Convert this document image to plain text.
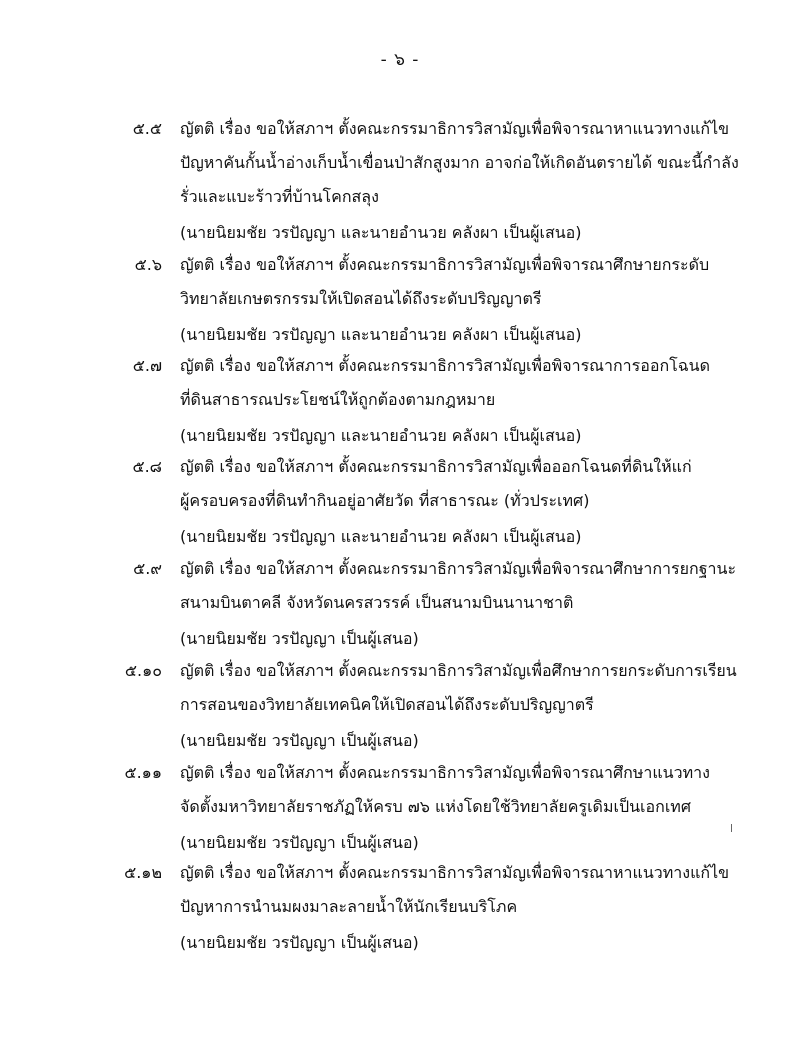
- ๖ -
๕.๕ ญัตติ เรื่อง ขอให้สภาฯ ตั้งคณะกรรมาธิการวิสามัญเพื่อพิจารณาหาแนวทางแก้ไข
ปัญหาคันกั้นน้ำอ่างเก็บน้ำเขื่อนป่าสักสูงมาก อาจก่อให้เกิดอันตรายได้ ขณะนี้กำลัง
รั่วและแบะร้าวที่บ้านโคกสลุง
(นายนิยมชัย วรปัญญา และนายอำนวย คลังผา เป็นผู้เสนอ)
๕.๖ ญัตติ เรื่อง ขอให้สภาฯ ตั้งคณะกรรมาธิการวิสามัญเพื่อพิจารณาศึกษายกระดับ
วิทยาลัยเกษตรกรรมให้เปิดสอนได้ถึงระดับปริญญาตรี
(นายนิยมชัย วรปัญญา และนายอำนวย คลังผา เป็นผู้เสนอ)
๕.๗ ญัตติ เรื่อง ขอให้สภาฯ ตั้งคณะกรรมาธิการวิสามัญเพื่อพิจารณาการออกโฉนด
ที่ดินสาธารณประโยชน์ให้ถูกต้องตามกฎหมาย
(นายนิยมชัย วรปัญญา และนายอำนวย คลังผา เป็นผู้เสนอ)
๕.๘ ญัตติ เรื่อง ขอให้สภาฯ ตั้งคณะกรรมาธิการวิสามัญเพื่อออกโฉนดที่ดินให้แก่
ผู้ครอบครองที่ดินทำกินอยู่อาศัยวัด ที่สาธารณะ (ทั่วประเทศ)
(นายนิยมชัย วรปัญญา และนายอำนวย คลังผา เป็นผู้เสนอ)
๕.๙ ญัตติ เรื่อง ขอให้สภาฯ ตั้งคณะกรรมาธิการวิสามัญเพื่อพิจารณาศึกษาการยกฐานะ
สนามบินตาคลี จังหวัดนครสวรรค์ เป็นสนามบินนานาชาติ
(นายนิยมชัย วรปัญญา เป็นผู้เสนอ)
๕.๑๐ ญัตติ เรื่อง ขอให้สภาฯ ตั้งคณะกรรมาธิการวิสามัญเพื่อศึกษาการยกระดับการเรียน
การสอนของวิทยาลัยเทคนิคให้เปิดสอนได้ถึงระดับปริญญาตรี
(นายนิยมชัย วรปัญญา เป็นผู้เสนอ)
๕.๑๑ ญัตติ เรื่อง ขอให้สภาฯ ตั้งคณะกรรมาธิการวิสามัญเพื่อพิจารณาศึกษาแนวทาง
จัดตั้งมหาวิทยาลัยราชภัฏให้ครบ ๗๖ แห่งโดยใช้วิทยาลัยครูเดิมเป็นเอกเทศ
(นายนิยมชัย วรปัญญา เป็นผู้เสนอ)
๕.๑๒ ญัตติ เรื่อง ขอให้สภาฯ ตั้งคณะกรรมาธิการวิสามัญเพื่อพิจารณาหาแนวทางแก้ไข
ปัญหาการนำนมผงมาละลายน้ำให้นักเรียนบริโภค
(นายนิยมชัย วรปัญญา เป็นผู้เสนอ)
